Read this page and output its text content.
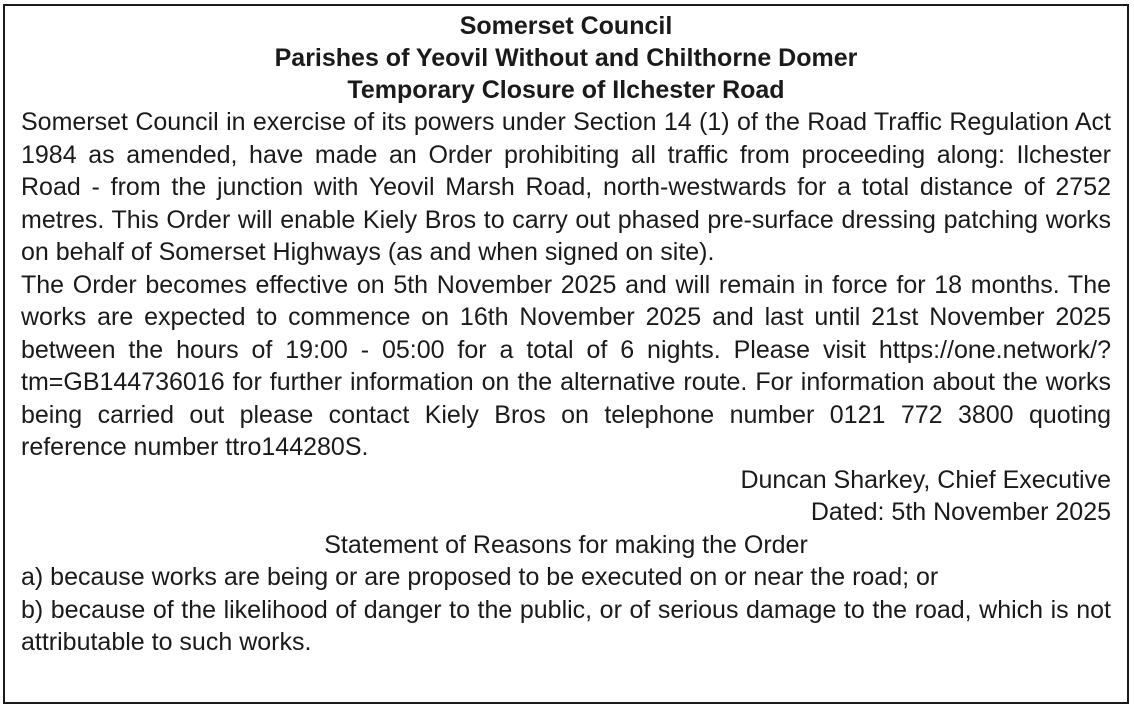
Somerset Council

Parishes of Yeovil Without and Chilthorne Domer

Temporary Closure of Ilchester Road

Somerset Council in exercise of its powers under Section 14 (1) of the Road Traffic Regulation Act 1984 as amended, have made an Order prohibiting all traffic from proceeding along: Ilchester Road - from the junction with Yeovil Marsh Road, north-westwards for a total distance of 2752 metres. This Order will enable Kiely Bros to carry out phased pre-surface dressing patching works on behalf of Somerset Highways (as and when signed on site).

The Order becomes effective on 5th November 2025 and will remain in force for 18 months. The works are expected to commence on 16th November 2025 and last until 21st November 2025 between the hours of 19:00 - 05:00 for a total of 6 nights. Please visit https://one.network/?tm=GB144736016 for further information on the alternative route. For information about the works being carried out please contact Kiely Bros on telephone number 0121 772 3800 quoting reference number ttro144280S.

Duncan Sharkey, Chief Executive

Dated: 5th November 2025

Statement of Reasons for making the Order

a) because works are being or are proposed to be executed on or near the road; or

b) because of the likelihood of danger to the public, or of serious damage to the road, which is not attributable to such works.
